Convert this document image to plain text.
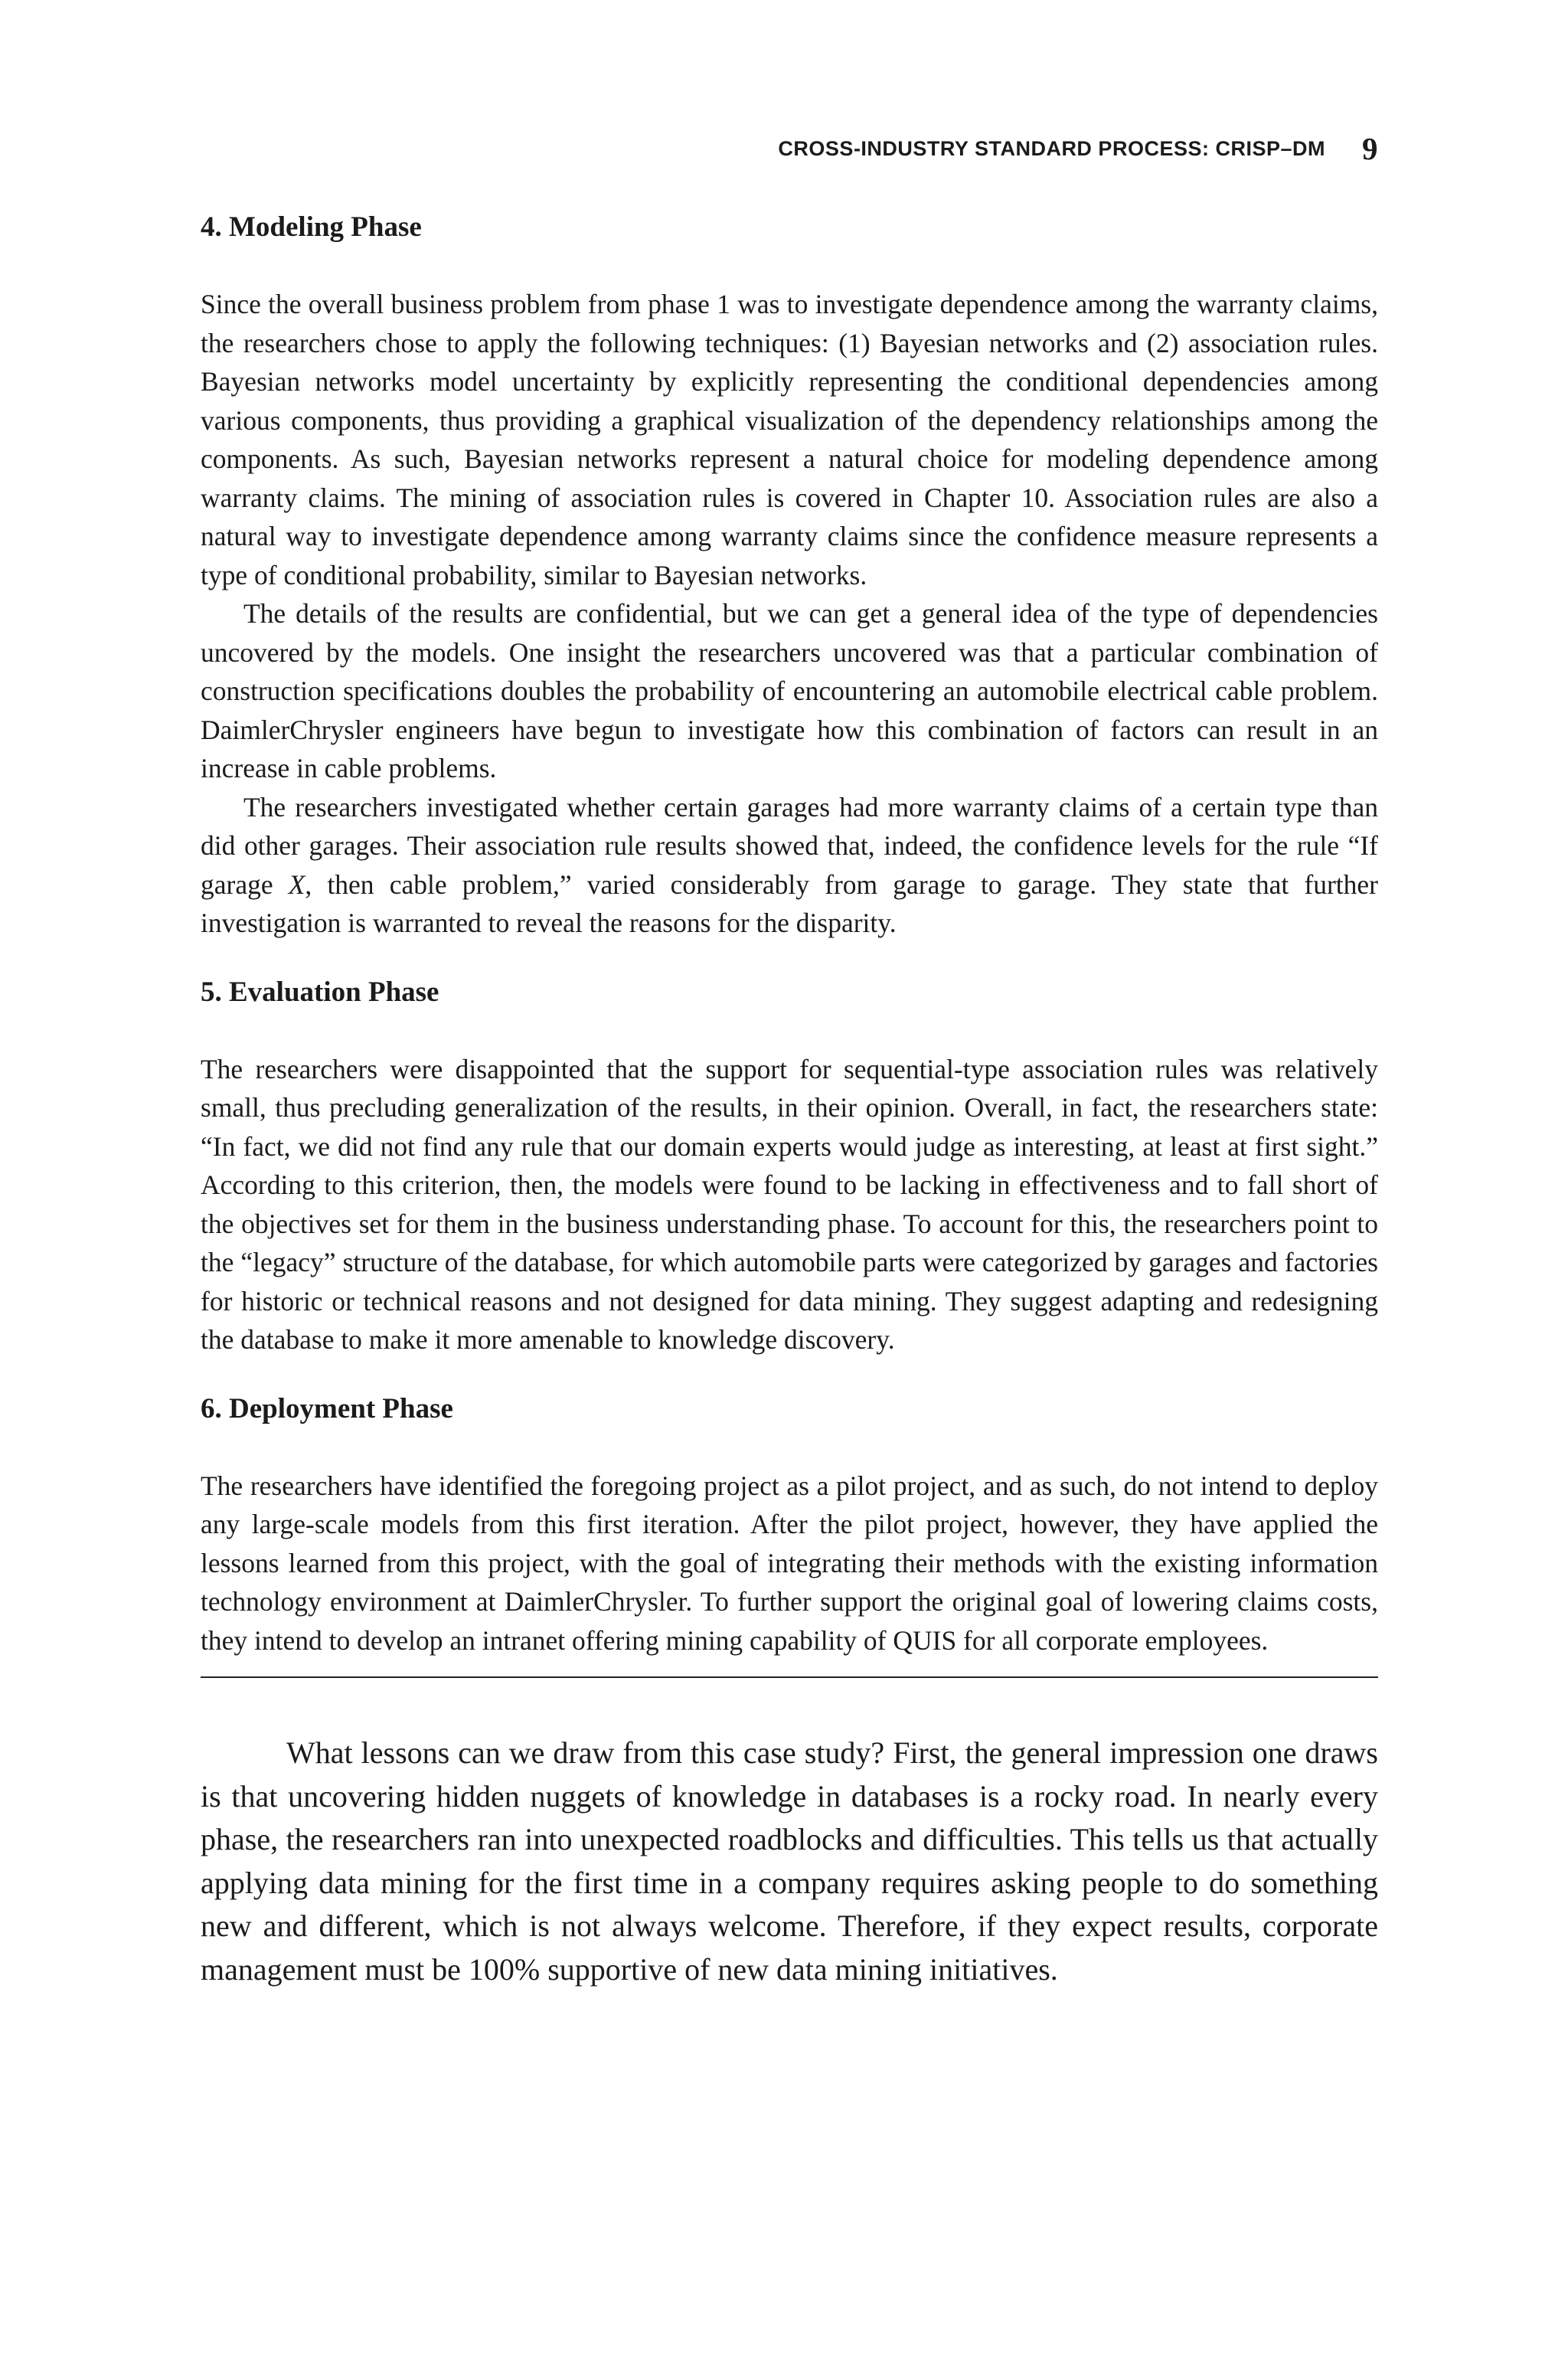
CROSS-INDUSTRY STANDARD PROCESS: CRISP–DM 9
4. Modeling Phase

Since the overall business problem from phase 1 was to investigate dependence among the warranty claims, the researchers chose to apply the following techniques: (1) Bayesian networks and (2) association rules. Bayesian networks model uncertainty by explicitly representing the conditional dependencies among various components, thus providing a graphical visualization of the dependency relationships among the components. As such, Bayesian networks represent a natural choice for modeling dependence among warranty claims. The mining of association rules is covered in Chapter 10. Association rules are also a natural way to investigate dependence among warranty claims since the confidence measure represents a type of conditional probability, similar to Bayesian networks.

The details of the results are confidential, but we can get a general idea of the type of dependencies uncovered by the models. One insight the researchers uncovered was that a particular combination of construction specifications doubles the probability of encountering an automobile electrical cable problem. DaimlerChrysler engineers have begun to investigate how this combination of factors can result in an increase in cable problems.

The researchers investigated whether certain garages had more warranty claims of a certain type than did other garages. Their association rule results showed that, indeed, the confidence levels for the rule “If garage X, then cable problem,” varied considerably from garage to garage. They state that further investigation is warranted to reveal the reasons for the disparity.

5. Evaluation Phase

The researchers were disappointed that the support for sequential-type association rules was relatively small, thus precluding generalization of the results, in their opinion. Overall, in fact, the researchers state: “In fact, we did not find any rule that our domain experts would judge as interesting, at least at first sight.” According to this criterion, then, the models were found to be lacking in effectiveness and to fall short of the objectives set for them in the business understanding phase. To account for this, the researchers point to the “legacy” structure of the database, for which automobile parts were categorized by garages and factories for historic or technical reasons and not designed for data mining. They suggest adapting and redesigning the database to make it more amenable to knowledge discovery.

6. Deployment Phase

The researchers have identified the foregoing project as a pilot project, and as such, do not intend to deploy any large-scale models from this first iteration. After the pilot project, however, they have applied the lessons learned from this project, with the goal of integrating their methods with the existing information technology environment at DaimlerChrysler. To further support the original goal of lowering claims costs, they intend to develop an intranet offering mining capability of QUIS for all corporate employees.

What lessons can we draw from this case study? First, the general impression one draws is that uncovering hidden nuggets of knowledge in databases is a rocky road. In nearly every phase, the researchers ran into unexpected roadblocks and difficulties. This tells us that actually applying data mining for the first time in a company requires asking people to do something new and different, which is not always welcome. Therefore, if they expect results, corporate management must be 100% supportive of new data mining initiatives.
